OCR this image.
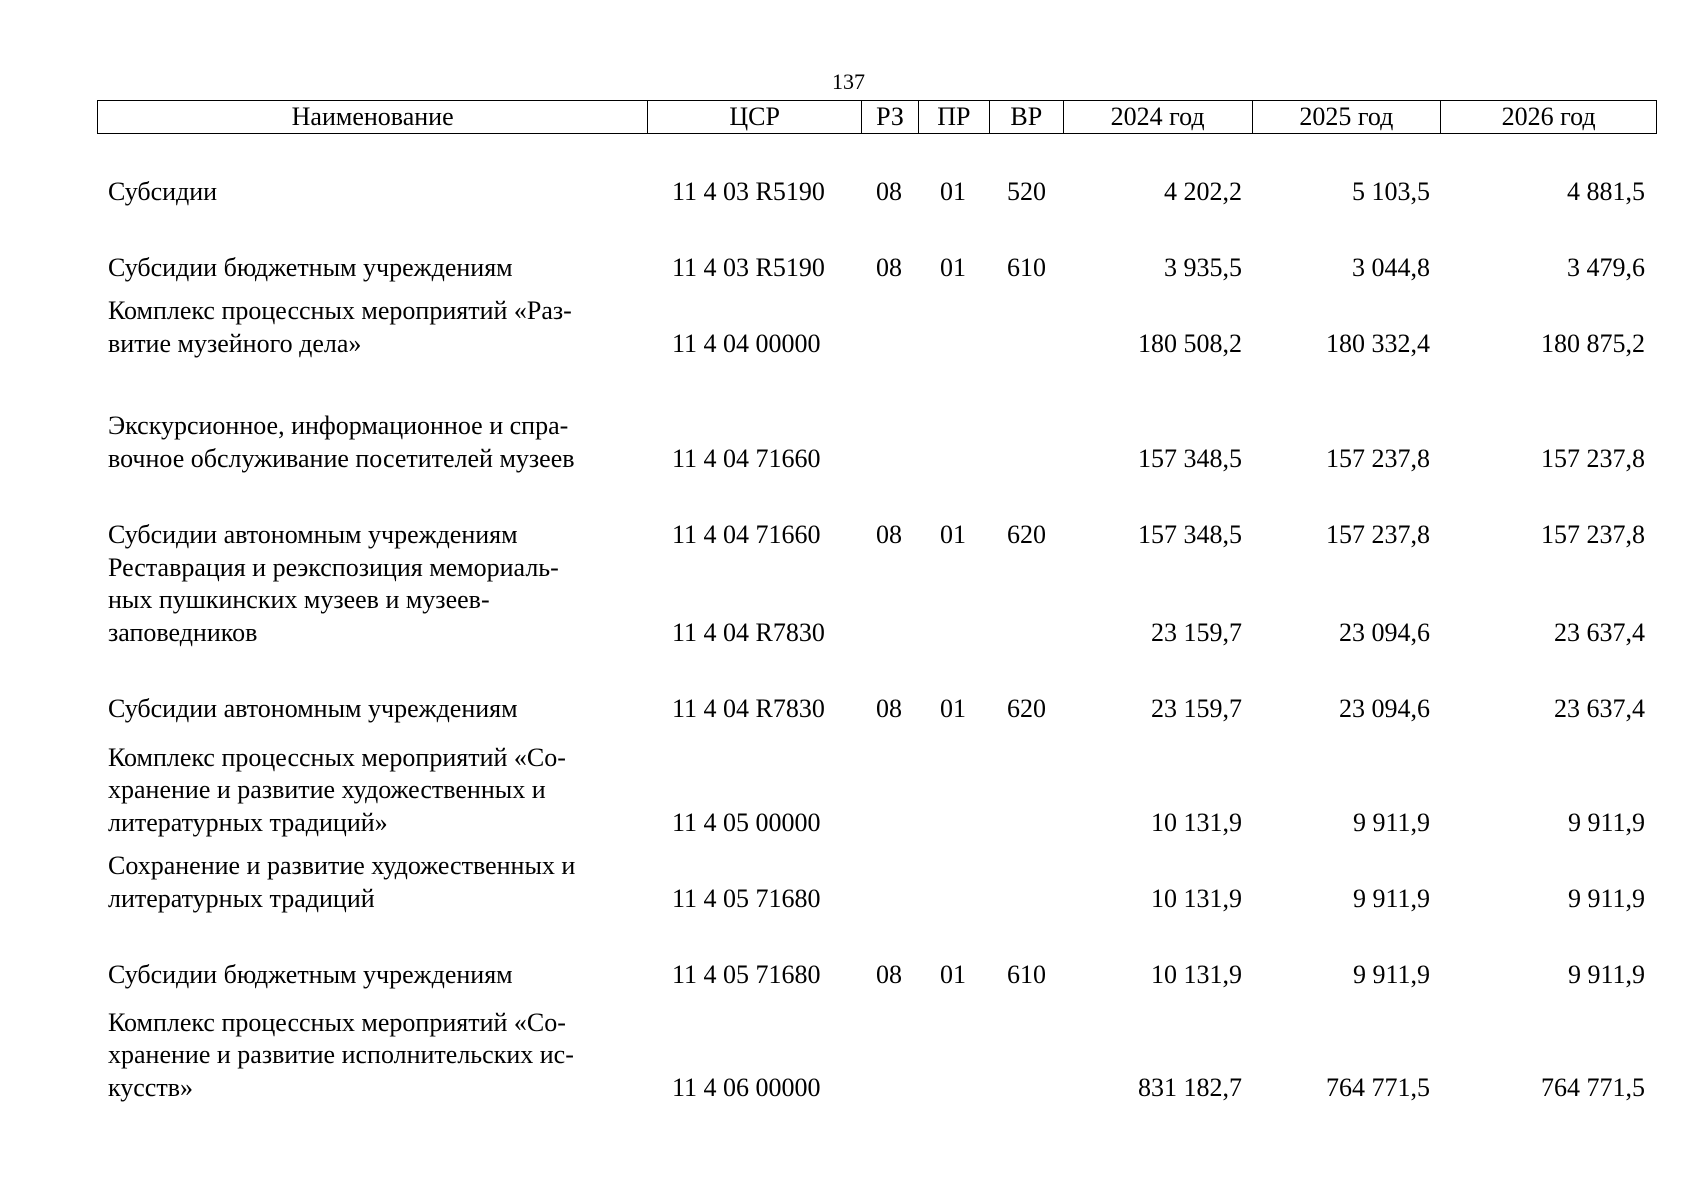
137
Наименование	ЦСР	РЗ	ПР	ВР	2024 год	2025 год	2026 год
Субсидии	11 4 03 R5190 08 01 520	4 202,2	5 103,5	4 881,5
Субсидии бюджетным учреждениям	11 4 03 R5190 08 01 610	3 935,5	3 044,8	3 479,6
Комплекс процессных мероприятий «Раз-
витие музейного дела»	11 4 04 00000	180 508,2	180 332,4	180 875,2
Экскурсионное, информационное и спра-
вочное обслуживание посетителей музеев	11 4 04 71660	157 348,5	157 237,8	157 237,8
Субсидии автономным учреждениям	11 4 04 71660 08 01 620	157 348,5	157 237,8	157 237,8
Реставрация и реэкспозиция мемориаль-
ных пушкинских музеев и музеев-
заповедников	11 4 04 R7830	23 159,7	23 094,6	23 637,4
Субсидии автономным учреждениям	11 4 04 R7830 08 01 620	23 159,7	23 094,6	23 637,4
Комплекс процессных мероприятий «Со-
хранение и развитие художественных и
литературных традиций»	11 4 05 00000	10 131,9	9 911,9	9 911,9
Сохранение и развитие художественных и
литературных традиций	11 4 05 71680	10 131,9	9 911,9	9 911,9
Субсидии бюджетным учреждениям	11 4 05 71680 08 01 610	10 131,9	9 911,9	9 911,9
Комплекс процессных мероприятий «Со-
хранение и развитие исполнительских ис-
кусств»	11 4 06 00000	831 182,7	764 771,5	764 771,5
